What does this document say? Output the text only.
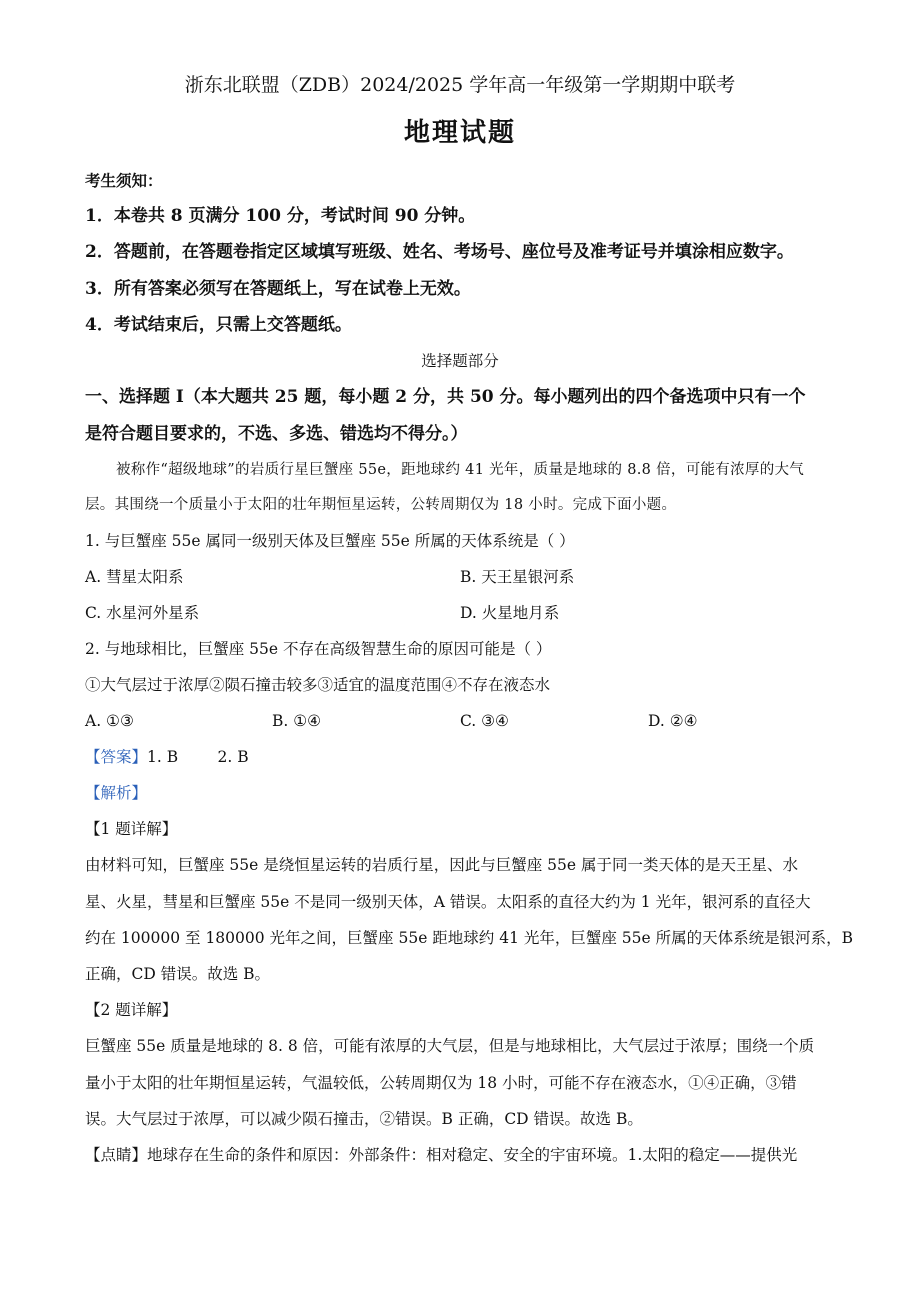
浙东北联盟（ZDB）2024/2025 学年高一年级第一学期期中联考
地理试题
考生须知：
1．本卷共 8 页满分 100 分，考试时间 90 分钟。
2．答题前，在答题卷指定区域填写班级、姓名、考场号、座位号及准考证号并填涂相应数字。
3．所有答案必须写在答题纸上，写在试卷上无效。
4．考试结束后，只需上交答题纸。
选择题部分
一、选择题 I（本大题共 25 题，每小题 2 分，共 50 分。每小题列出的四个备选项中只有一个
是符合题目要求的，不选、多选、错选均不得分。）
被称作“超级地球”的岩质行星巨蟹座 55e，距地球约 41 光年，质量是地球的 8.8 倍，可能有浓厚的大气
层。其围绕一个质量小于太阳的壮年期恒星运转，公转周期仅为 18 小时。完成下面小题。
1. 与巨蟹座 55e 属同一级别天体及巨蟹座 55e 所属的天体系统是（ ）
A. 彗星太阳系	B. 天王星银河系
C. 水星河外星系	D. 火星地月系
2. 与地球相比，巨蟹座 55e 不存在高级智慧生命的原因可能是（ ）
①大气层过于浓厚②陨石撞击较多③适宜的温度范围④不存在液态水
A. ①③	B. ①④	C. ③④	D. ②④
【答案】1. B        2. B
【解析】
【1 题详解】
由材料可知，巨蟹座 55e 是绕恒星运转的岩质行星，因此与巨蟹座 55e 属于同一类天体的是天王星、水
星、火星，彗星和巨蟹座 55e 不是同一级别天体，A 错误。太阳系的直径大约为 1 光年，银河系的直径大
约在 100000 至 180000 光年之间，巨蟹座 55e 距地球约 41 光年，巨蟹座 55e 所属的天体系统是银河系，B
正确，CD 错误。故选 B。
【2 题详解】
巨蟹座 55e 质量是地球的 8. 8 倍，可能有浓厚的大气层，但是与地球相比，大气层过于浓厚；围绕一个质
量小于太阳的壮年期恒星运转，气温较低，公转周期仅为 18 小时，可能不存在液态水，①④正确，③错
误。大气层过于浓厚，可以减少陨石撞击，②错误。B 正确，CD 错误。故选 B。
【点睛】地球存在生命的条件和原因：外部条件：相对稳定、安全的宇宙环境。1.太阳的稳定——提供光
